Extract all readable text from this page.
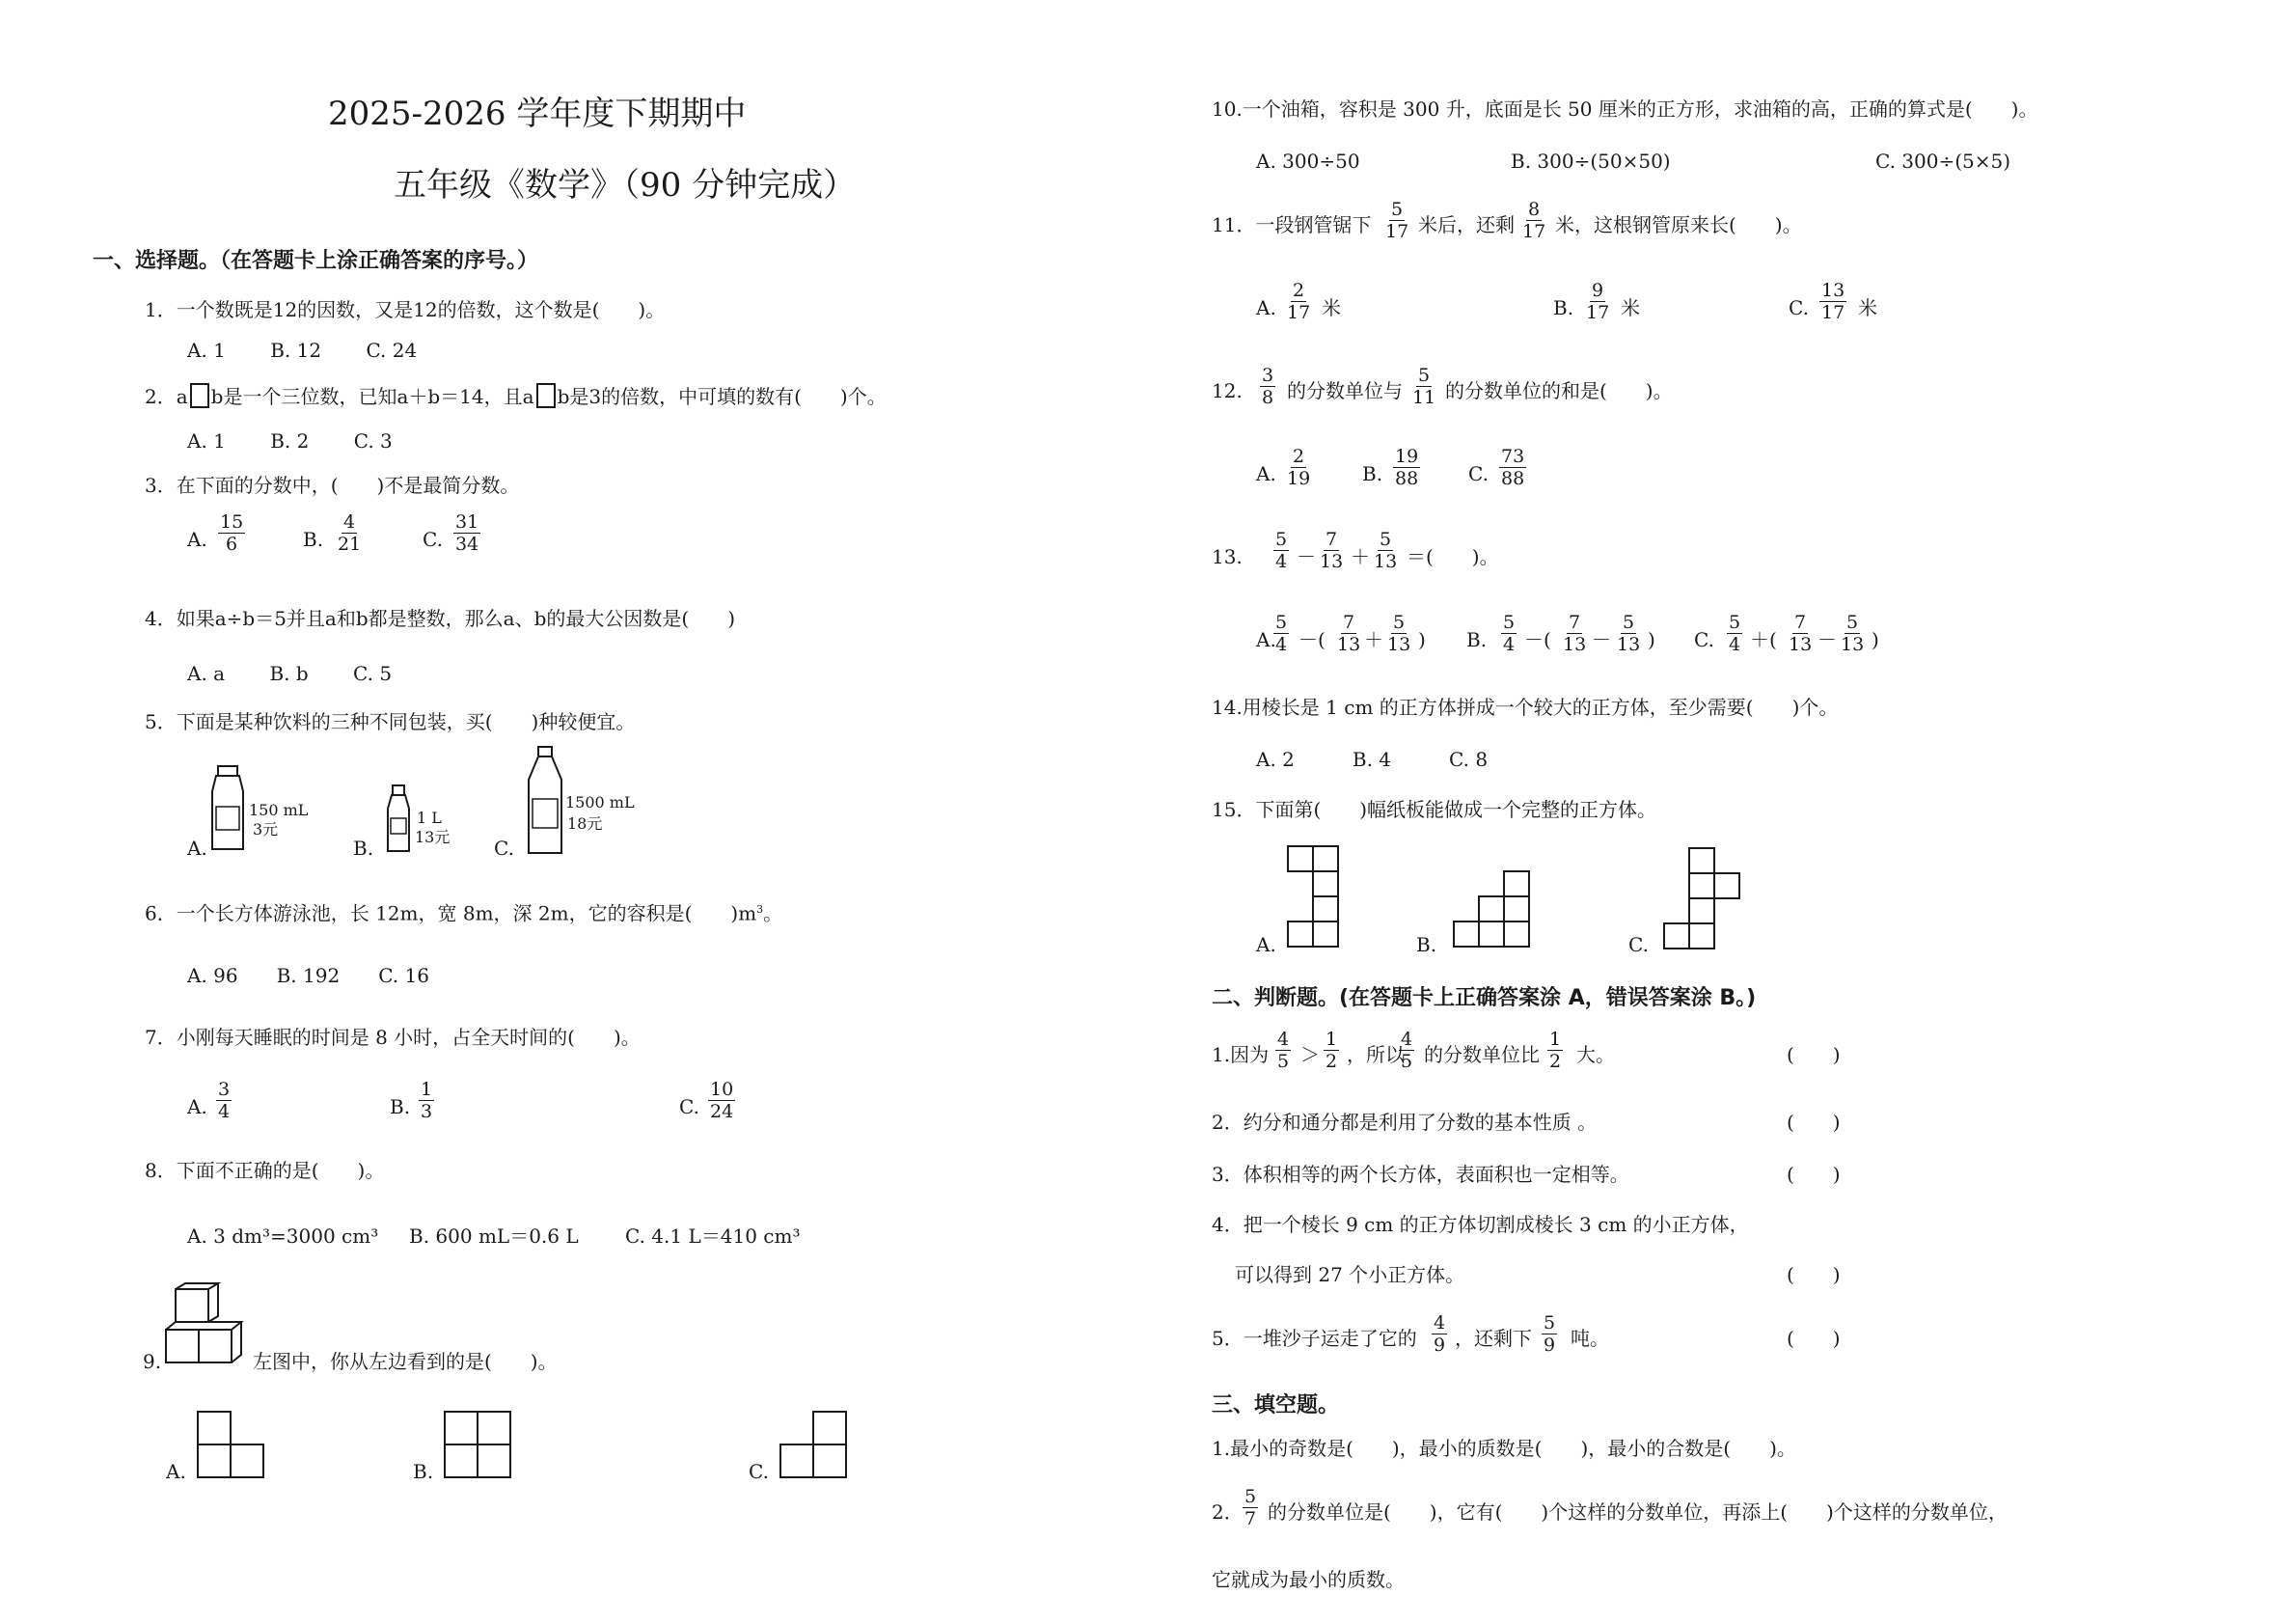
2025-2026 学年度下期期中
五年级《数学》（90 分钟完成）
一、选择题。（在答题卡上涂正确答案的序号。）
1．一个数既是12的因数，又是12的倍数，这个数是(　　)。
A. 1　　 B. 12　　 C. 24
2．a b是一个三位数，已知a＋b＝14，且a b是3的倍数，中可填的数有(　　)个。
A. 1　　 B. 2　　 C. 3
3．在下面的分数中，(　　)不是最简分数。
A. $\frac{15}{6}$	B. $\frac{4}{21}$	C. $\frac{31}{34}$
4．如果a÷b＝5并且a和b都是整数，那么a、b的最大公因数是(　　)
A. a　　 B. b　　 C. 5
5．下面是某种饮料的三种不同包装，买(　　)种较便宜。
A.
150 mL
3元
B.
1 L
13元 C.
1500 mL
18元
6．一个长方体游泳池，长 12m，宽 8m，深 2m，它的容积是(　　)$m^3$。
A. 96　　B. 192　　C. 16
7．小刚每天睡眠的时间是 8 小时，占全天时间的(　　)。
A. $\frac{3}{4}$	B. $\frac{1}{3}$	C. $\frac{10}{24}$
8．下面不正确的是(　　)。
A. 3 dm³=3000 cm³ B. 600 mL＝0.6 L C. 4.1 L＝410 cm³
9.	左图中，你从左边看到的是(　　)。
A.	B.	C.
10.一个油箱，容积是 300 升，底面是长 50 厘米的正方形，求油箱的高，正确的算式是(　　)。
A. 300÷50	B. 300÷(50×50)	C. 300÷(5×5)
11．一段钢管锯下 $\frac{5}{17}$ 米后，还剩 $\frac{8}{17}$ 米，这根钢管原来长(　　)。
A. $\frac{2}{17}$ 米	B. $\frac{9}{17}$ 米	C. $\frac{13}{17}$ 米
12. $\frac{3}{8}$ 的分数单位与 $\frac{5}{11}$ 的分数单位的和是(　　)。
A. $\frac{2}{19}$	B. $\frac{19}{88} C$. $\frac{73}{88}$
13. $\frac{5}{4} - \frac{7}{13} + \frac{5}{13}$ ＝(　　)。
A.
$\frac{5}{4}$ －( $\frac{7}{13} + \frac{5}{13}$ ) B. $\frac{5}{4}$ －( $\frac{7}{13} - \frac{5}{13}$ ) C. $\frac{5}{4}$ ＋( $\frac{7}{13} - \frac{5}{13}$ )
14.用棱长是 1 cm 的正方体拼成一个较大的正方体，至少需要(　　)个。
A. 2　　　B. 4　　　C. 8
15．下面第(　　)幅纸板能做成一个完整的正方体。
A.	B.	C.
二、判断题。(在答题卡上正确答案涂 A，错误答案涂 B。)
1.因为 $\frac{4}{5} > \frac{1}{2}$ ，所以
$\frac{4}{5}$ 的分数单位比 $\frac{1}{2}$ 大。	(　　)
2．约分和通分都是利用了分数的基本性质 。	(　　)
3．体积相等的两个长方体，表面积也一定相等。	(　　)
4．把一个棱长 9 cm 的正方体切割成棱长 3 cm 的小正方体，
可以得到 27 个小正方体。	(　　)
5．一堆沙子运走了它的 $\frac{4}{9}$ ，还剩下 $\frac{5}{9}$ 吨。	(　　)
三、填空题。
1.最小的奇数是(　　)，最小的质数是(　　)，最小的合数是(　　)。
2． $\frac{5}{7}$ 的分数单位是(　　)，它有(　　)个这样的分数单位，再添上(　　)个这样的分数单位，
它就成为最小的质数。
